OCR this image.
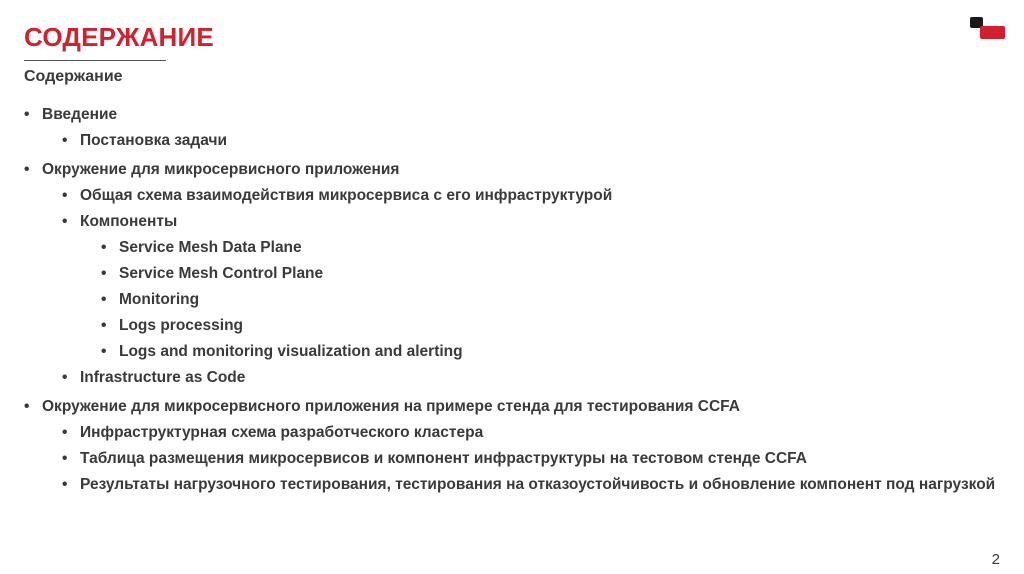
СОДЕРЖАНИЕ
Содержание
• Введение
• Постановка задачи
• Окружение для микросервисного приложения
• Общая схема взаимодействия микросервиса с его инфраструктурой
• Компоненты
• Service Mesh Data Plane
• Service Mesh Control Plane
• Monitoring
• Logs processing
• Logs and monitoring visualization and alerting
• Infrastructure as Code
• Окружение для микросервисного приложения на примере стенда для тестирования CCFA
• Инфраструктурная схема разработческого кластера
• Таблица размещения микросервисов и компонент инфраструктуры на тестовом стенде CCFA
• Результаты нагрузочного тестирования, тестирования на отказоустойчивость и обновление компонент под нагрузкой
2
